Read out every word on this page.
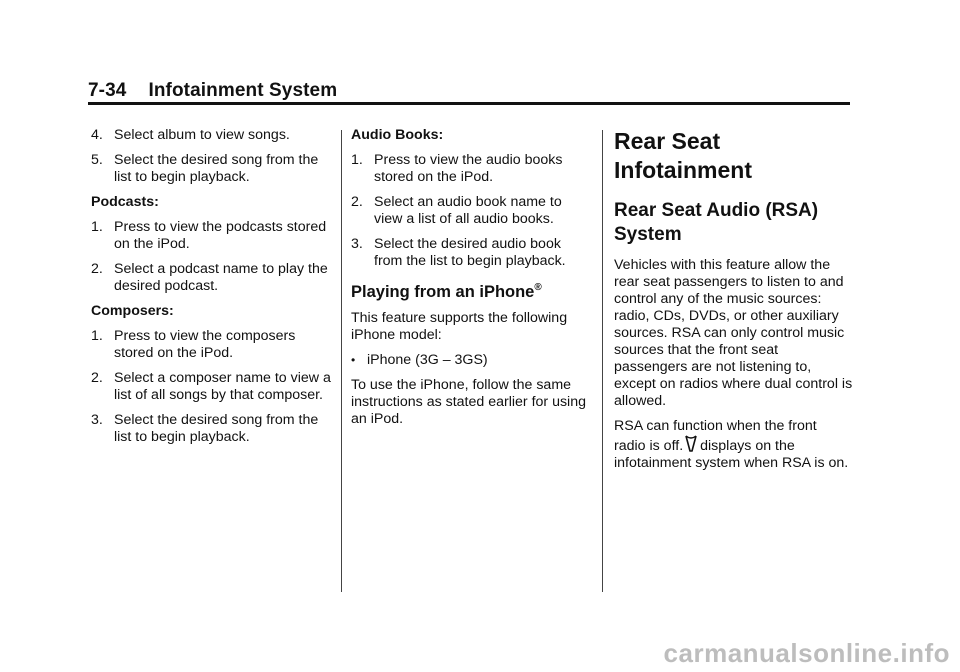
7-34 Infotainment System
4. Select album to view songs.
5. Select the desired song from the list to begin playback.

Podcasts:

1. Press to view the podcasts stored on the iPod.
2. Select a podcast name to play the desired podcast.

Composers:

1. Press to view the composers stored on the iPod.
2. Select a composer name to view a list of all songs by that composer.
3. Select the desired song from the list to begin playback.

Audio Books:

1. Press to view the audio books stored on the iPod.
2. Select an audio book name to view a list of all audio books.
3. Select the desired audio book from the list to begin playback.
Playing from an iPhone®

This feature supports the following iPhone model:

• iPhone (3G – 3GS)

To use the iPhone, follow the same instructions as stated earlier for using an iPod.

Rear Seat Infotainment
Rear Seat Audio (RSA) System

Vehicles with this feature allow the rear seat passengers to listen to and control any of the music sources: radio, CDs, DVDs, or other auxiliary sources. RSA can only control music sources that the front seat passengers are not listening to, except on radios where dual control is allowed.

RSA can function when the front
radio is off. displays on the
infotainment system when RSA is on.

carmanualsonline.info
